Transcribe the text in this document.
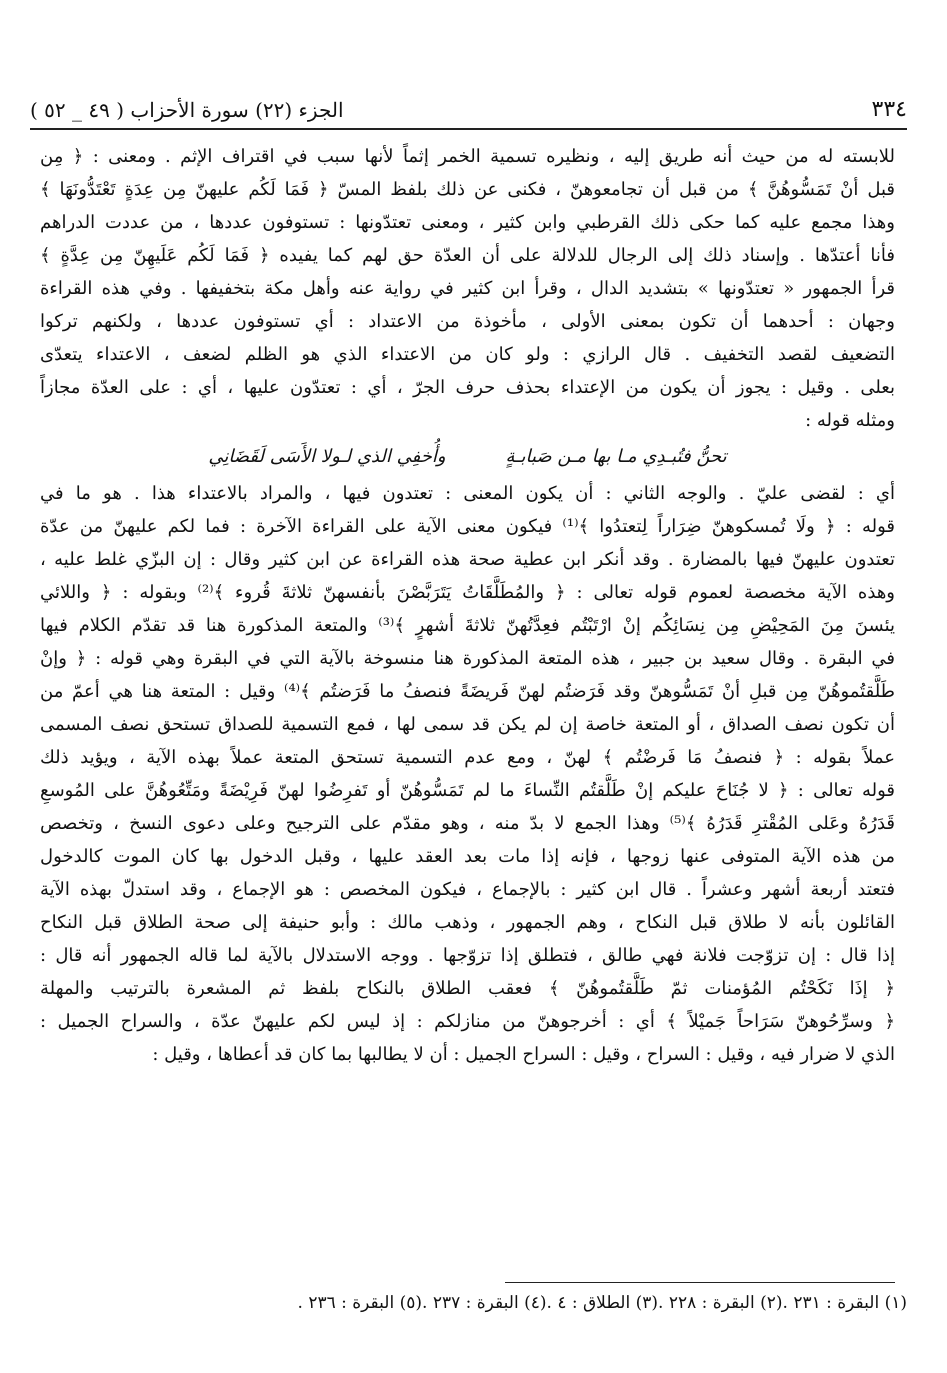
٣٣٤
الجزء (٢٢) سورة الأحزاب ( ٤٩ _ ٥٢ )
للابسته له من حيث أنه طريق إليه ، ونظيره تسمية الخمر إثماً لأنها سبب في اقتراف الإثم . ومعنى : ﴿ مِن
قبل أنْ تَمَسُّوهُنَّ ﴾ من قبل أن تجامعوهنّ ، فكنى عن ذلك بلفظ المسّ ﴿ فَمَا لَكُم عليهنّ مِن عِدَةٍ تَعْتَدُّونَهَا ﴾
وهذا مجمع عليه كما حكى ذلك القرطبي وابن كثير ، ومعنى تعتدّونها : تستوفون عددها ، من عددت الدراهم
فأنا أعتدّها . وإسناد ذلك إلى الرجال للدلالة على أن العدّة حق لهم كما يفيده ﴿ فَمَا لَكُم عَلَيهِنّ مِن عِدَّةٍ ﴾
قرأ الجمهور « تعتدّونها » بتشديد الدال ، وقرأ ابن كثير في رواية عنه وأهل مكة بتخفيفها . وفي هذه القراءة
وجهان : أحدهما أن تكون بمعنى الأولى ، مأخوذة من الاعتداد : أي تستوفون عددها ، ولكنهم تركوا
التضعيف لقصد التخفيف . قال الرازي : ولو كان من الاعتداء الذي هو الظلم لضعف ، الاعتداء يتعدّى
بعلى . وقيل : يجوز أن يكون من الإعتداء بحذف حرف الجرّ ، أي : تعتدّون عليها ، أي : على العدّة مجازاً
ومثله قوله :
تحنُّ فتُبـدِي مـا بها مـن صَبابـةٍ
وأُخفِي الذي لـولا الأَسَى لَقَضَانِي
أي : لقضى عليّ . والوجه الثاني : أن يكون المعنى : تعتدون فيها ، والمراد بالاعتداء هذا . هو ما في
قوله : ﴿ ولَا تُمسكوهنّ ضِرَاراً لِتعتدُوا ﴾⁽¹⁾ فيكون معنى الآية على القراءة الآخرة : فما لكم عليهنّ من عدّة
تعتدون عليهنّ فيها بالمضارة . وقد أنكر ابن عطية صحة هذه القراءة عن ابن كثير وقال : إن البزّي غلط عليه ،
وهذه الآية مخصصة لعموم قوله تعالى : ﴿ والمُطَلَّقَاتُ يَتَرَبَّصْنَ بأنفسهنّ ثلاثةَ قُروء ﴾⁽²⁾ وبقوله : ﴿ واللائي
يئسنَ مِنَ المَحِيْضِ مِن نِسَائِكُم إنْ ارْتَبْتُم فعِدَّتُهنّ ثلاثةَ أشهرٍ ﴾⁽³⁾ والمتعة المذكورة هنا قد تقدّم الكلام فيها
في البقرة . وقال سعيد بن جبير ، هذه المتعة المذكورة هنا منسوخة بالآية التي في البقرة وهي قوله : ﴿ وإنْ
طَلَّقتُموهُنّ مِن قبلِ أنْ تَمَسُّوهنّ وقد فَرَضتُم لهنّ فَريضَةً فنصفُ ما فَرَضتُم ﴾⁽⁴⁾ وقيل : المتعة هنا هي أعمّ من
أن تكون نصف الصداق ، أو المتعة خاصة إن لم يكن قد سمى لها ، فمع التسمية للصداق تستحق نصف المسمى
عملاً بقوله : ﴿ فنصفُ مَا فَرضْتُم ﴾ لهنّ ، ومع عدم التسمية تستحق المتعة عملاً بهذه الآية ، ويؤيد ذلك
قوله تعالى : ﴿ لا جُنَاحَ عليكم إنْ طَلَّقتُم النِّساءَ ما لم تَمَسُّوهُنّ أو تَفرِضُوا لهنّ فَرِيْضَةً ومَتِّعُوهُنَّ على المُوسعِ
قَدَرُهُ وعَلى المُقْترِ قَدَرُهُ ﴾⁽⁵⁾ وهذا الجمع لا بدّ منه ، وهو مقدّم على الترجيح وعلى دعوى النسخ ، وتخصص
من هذه الآية المتوفى عنها زوجها ، فإنه إذا مات بعد العقد عليها ، وقبل الدخول بها كان الموت كالدخول
فتعتد أربعة أشهر وعشراً . قال ابن كثير : بالإجماع ، فيكون المخصص : هو الإجماع ، وقد استدلّ بهذه الآية
القائلون بأنه لا طلاق قبل النكاح ، وهم الجمهور ، وذهب مالك : وأبو حنيفة إلى صحة الطلاق قبل النكاح
إذا قال : إن تزوّجت فلانة فهي طالق ، فتطلق إذا تزوّجها . ووجه الاستدلال بالآية لما قاله الجمهور أنه قال :
﴿ إذَا نَكَحْتُم المُؤمنات ثمّ طَلَّقتُموهُنّ ﴾ فعقب الطلاق بالنكاح بلفظ ثم المشعرة بالترتيب والمهلة
﴿ وسرِّحُوهنّ سَرَاحاً جَميْلاً ﴾ أي : أخرجوهنّ من منازلكم : إذ ليس لكم عليهنّ عدّة ، والسراح الجميل :
الذي لا ضرار فيه ، وقيل : السراح ، وقيل : السراح الجميل : أن لا يطالبها بما كان قد أعطاها ، وقيل :
(١) البقرة : ٢٣١ .(٢) البقرة : ٢٢٨ .(٣) الطلاق : ٤ .(٤) البقرة : ٢٣٧ .(٥) البقرة : ٢٣٦ .
